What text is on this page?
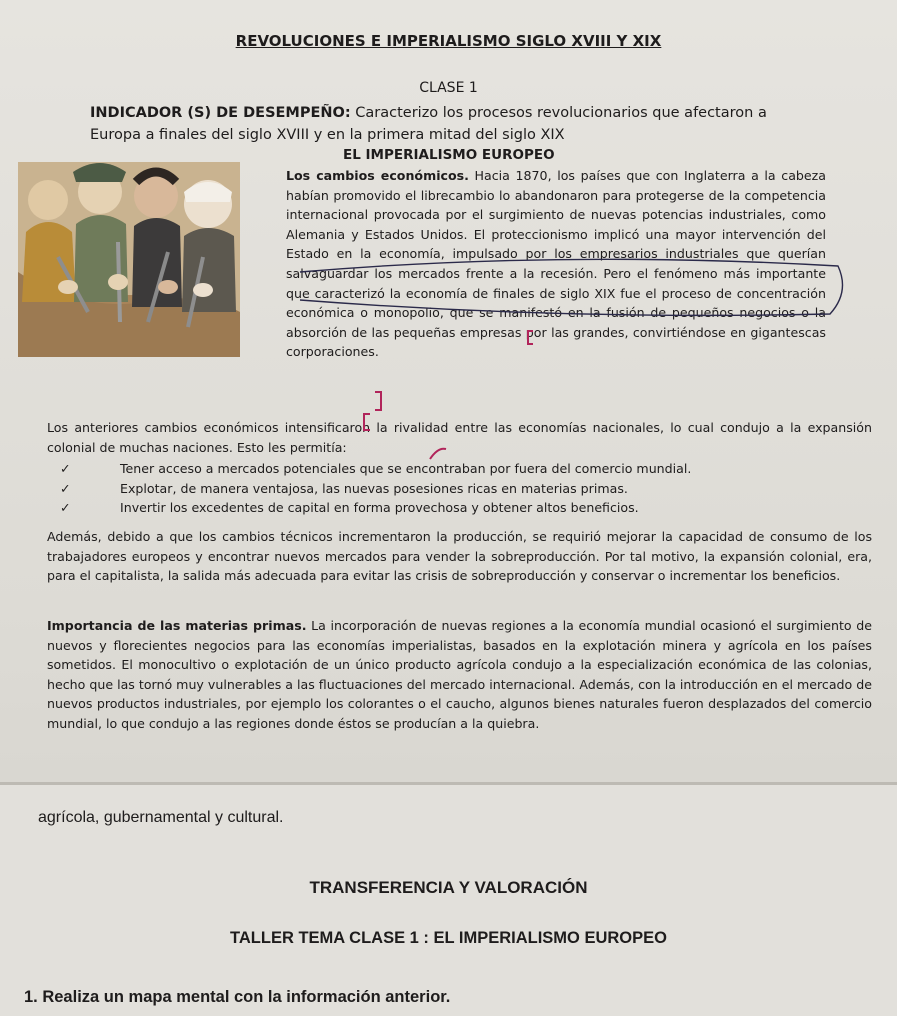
REVOLUCIONES E IMPERIALISMO SIGLO XVIII Y XIX
CLASE 1
INDICADOR (S) DE DESEMPEÑO: Caracterizo los procesos revolucionarios que afectaron a Europa a finales del siglo XVIII y en la primera mitad del siglo XIX
EL IMPERIALISMO EUROPEO
Los cambios económicos. Hacia 1870, los países que con Inglaterra a la cabeza habían promovido el librecambio lo abandonaron para protegerse de la competencia internacional provocada por el surgimiento de nuevas potencias industriales, como Alemania y Estados Unidos. El proteccionismo implicó una mayor intervención del Estado en la economía, impulsado por los empresarios industriales que querían salvaguardar los mercados frente a la recesión. Pero el fenómeno más importante que caracterizó la economía de finales de siglo XIX fue el proceso de concentración económica o monopolio, que se manifestó en la fusión de pequeños negocios o la absorción de las pequeñas empresas por las grandes, convirtiéndose en gigantescas corporaciones.
Los anteriores cambios económicos intensificaron la rivalidad entre las economías nacionales, lo cual condujo a la expansión colonial de muchas naciones. Esto les permitía:
✓	Tener acceso a mercados potenciales que se encontraban por fuera del comercio mundial.
✓	Explotar, de manera ventajosa, las nuevas posesiones ricas en materias primas.
✓	Invertir los excedentes de capital en forma provechosa y obtener altos beneficios.
Además, debido a que los cambios técnicos incrementaron la producción, se requirió mejorar la capacidad de consumo de los trabajadores europeos y encontrar nuevos mercados para vender la sobreproducción. Por tal motivo, la expansión colonial, era, para el capitalista, la salida más adecuada para evitar las crisis de sobreproducción y conservar o incrementar los beneficios.
Importancia de las materias primas. La incorporación de nuevas regiones a la economía mundial ocasionó el surgimiento de nuevos y florecientes negocios para las economías imperialistas, basados en la explotación minera y agrícola en los países sometidos. El monocultivo o explotación de un único producto agrícola condujo a la especialización económica de las colonias, hecho que las tornó muy vulnerables a las fluctuaciones del mercado internacional. Además, con la introducción en el mercado de nuevos productos industriales, por ejemplo los colorantes o el caucho, algunos bienes naturales fueron desplazados del comercio mundial, lo que condujo a las regiones donde éstos se producían a la quiebra.
agrícola, gubernamental y cultural.
TRANSFERENCIA Y VALORACIÓN
TALLER TEMA CLASE 1 : EL IMPERIALISMO EUROPEO
1. Realiza un mapa mental con la información anterior.
